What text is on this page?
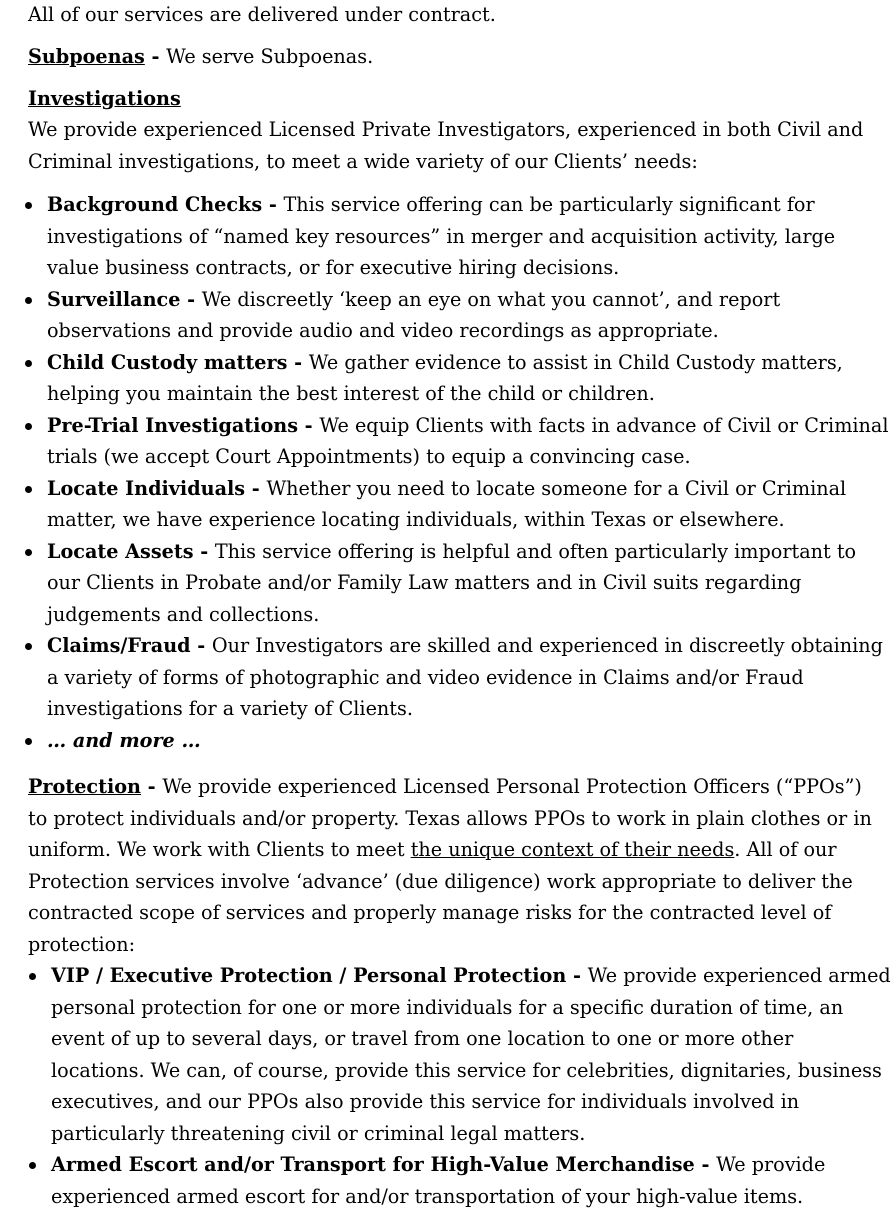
All of our services are delivered under contract.

Subpoenas - We serve Subpoenas.

Investigations

We provide experienced Licensed Private Investigators, experienced in both Civil and Criminal investigations, to meet a wide variety of our Clients’ needs:

Background Checks - This service offering can be particularly significant for investigations of “named key resources” in merger and acquisition activity, large value business contracts, or for executive hiring decisions.
Surveillance - We discreetly ‘keep an eye on what you cannot’, and report observations and provide audio and video recordings as appropriate.
Child Custody matters - We gather evidence to assist in Child Custody matters, helping you maintain the best interest of the child or children.
Pre-Trial Investigations - We equip Clients with facts in advance of Civil or Criminal trials (we accept Court Appointments) to equip a convincing case.
Locate Individuals - Whether you need to locate someone for a Civil or Criminal matter, we have experience locating individuals, within Texas or elsewhere.
Locate Assets - This service offering is helpful and often particularly important to our Clients in Probate and/or Family Law matters and in Civil suits regarding judgements and collections.
Claims/Fraud - Our Investigators are skilled and experienced in discreetly obtaining a variety of forms of photographic and video evidence in Claims and/or Fraud investigations for a variety of Clients.
… and more …

Protection - We provide experienced Licensed Personal Protection Officers (“PPOs”) to protect individuals and/or property. Texas allows PPOs to work in plain clothes or in uniform. We work with Clients to meet the unique context of their needs. All of our Protection services involve ‘advance’ (due diligence) work appropriate to deliver the contracted scope of services and properly manage risks for the contracted level of protection:

VIP / Executive Protection / Personal Protection - We provide experienced armed personal protection for one or more individuals for a specific duration of time, an event of up to several days, or travel from one location to one or more other locations. We can, of course, provide this service for celebrities, dignitaries, business executives, and our PPOs also provide this service for individuals involved in particularly threatening civil or criminal legal matters.
Armed Escort and/or Transport for High-Value Merchandise - We provide experienced armed escort for and/or transportation of your high-value items.
